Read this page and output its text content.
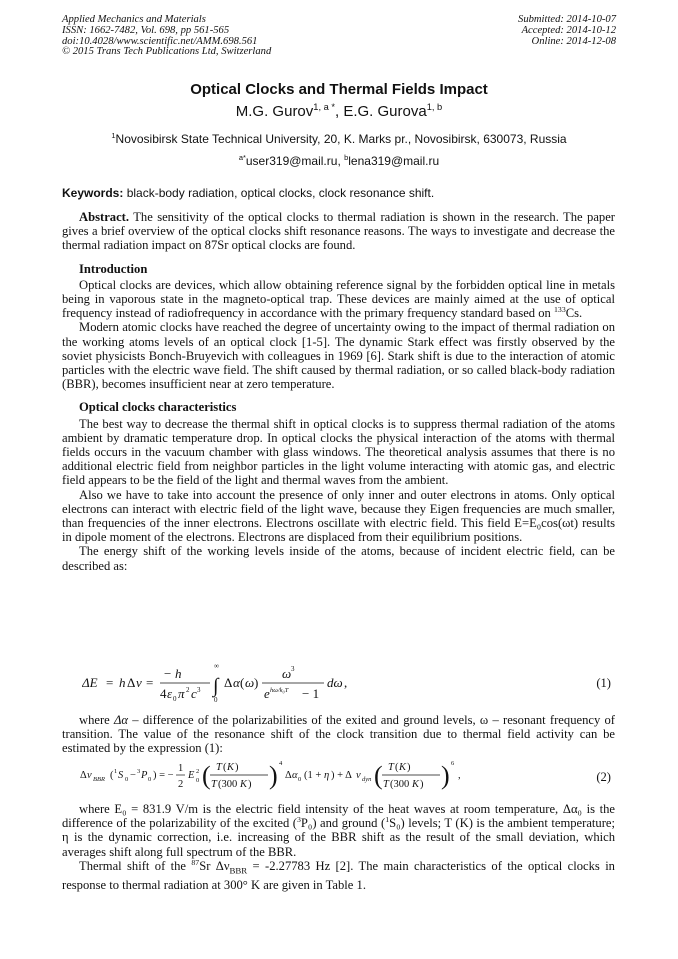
Applied Mechanics and Materials
ISSN: 1662-7482, Vol. 698, pp 561-565
doi:10.4028/www.scientific.net/AMM.698.561
© 2015 Trans Tech Publications Ltd, Switzerland
Submitted: 2014-10-07
Accepted: 2014-10-12
Online: 2014-12-08
Optical Clocks and Thermal Fields Impact
M.G. Gurov$^{1, a *}$, E.G. Gurova$^{1, b}$
$^1$Novosibirsk State Technical University, 20, K. Marks pr., Novosibirsk, 630073, Russia
$^{a*}$user319@mail.ru, $^b$lena319@mail.ru
Keywords: black-body radiation, optical clocks, clock resonance shift.

Abstract. The sensitivity of the optical clocks to thermal radiation is shown in the research. The paper gives a brief overview of the optical clocks shift resonance reasons. The ways to investigate and decrease the thermal radiation impact on 87Sr optical clocks are found.

Introduction

Optical clocks are devices, which allow obtaining reference signal by the forbidden optical line in metals being in vaporous state in the magneto-optical trap. These devices are mainly aimed at the use of optical frequency instead of radiofrequency in accordance with the primary frequency standard based on $^{133}$Cs.

Modern atomic clocks have reached the degree of uncertainty owing to the impact of thermal radiation on the working atoms levels of an optical clock [1-5]. The dynamic Stark effect was firstly observed by the soviet physicists Bonch-Bruyevich with colleagues in 1969 [6]. Stark shift is due to the interaction of atomic particles with the electric wave field. The shift caused by thermal radiation, or so called black-body radiation (BBR), becomes insufficient near at zero temperature.

Optical clocks characteristics

The best way to decrease the thermal shift in optical clocks is to suppress thermal radiation of the atoms ambient by dramatic temperature drop. In optical clocks the physical interaction of the atoms with thermal fields occurs in the vacuum chamber with glass windows. The theoretical analysis assumes that there is no additional electric field from neighbor particles in the light volume interacting with atomic gas, and electric field appears to be the field of the light and thermal waves from the ambient.

Also we have to take into account the presence of only inner and outer electrons in atoms. Only optical electrons can interact with electric field of the light wave, because they Eigen frequencies are much smaller, than frequencies of the inner electrons. Electrons oscillate with electric field. This field E=E₀cos(ωt) results in dipole moment of the electrons. Electrons are displaced from their equilibrium positions.

The energy shift of the working levels inside of the atoms, because of incident electric field, can be described as:

ΔE = h Δ ν =
− h
4 ε 0 π 2 c 3
∞
∫
0
Δ α ( ω )
ω 3
e hω/k₀T − 1
dω ,	(1)

where Δα – difference of the polarizabilities of the exited and ground levels, ω – resonant frequency of transition. The value of the resonance shift of the clock transition due to thermal field activity can be estimated by the expression (1):

Δ ν BBR ( 1 S 0 − 3 P 0 ) = −
1
2
E 2
0 ( T ( K )
T (300 K ) ) 4
Δ α 0 (1 + η ) + Δ ν dyn ( T ( K )
T (300 K ) ) 6
,	(2)

where E₀ = 831.9 V/m is the electric field intensity of the heat waves at room temperature, Δα₀ is the difference of the polarizability of the excited ($^3$P₀) and ground ($^1$S₀) levels; T (K) is the ambient temperature; η is the dynamic correction, i.e. increasing of the BBR shift as the result of the small deviation, which averages shift along full spectrum of the BBR.

Thermal shift of the $^{87}$Sr $\Delta\nu_{BBR} = -2.27783$ Hz [2]. The main characteristics of the optical clocks in response to thermal radiation at 300° K are given in Table 1.
